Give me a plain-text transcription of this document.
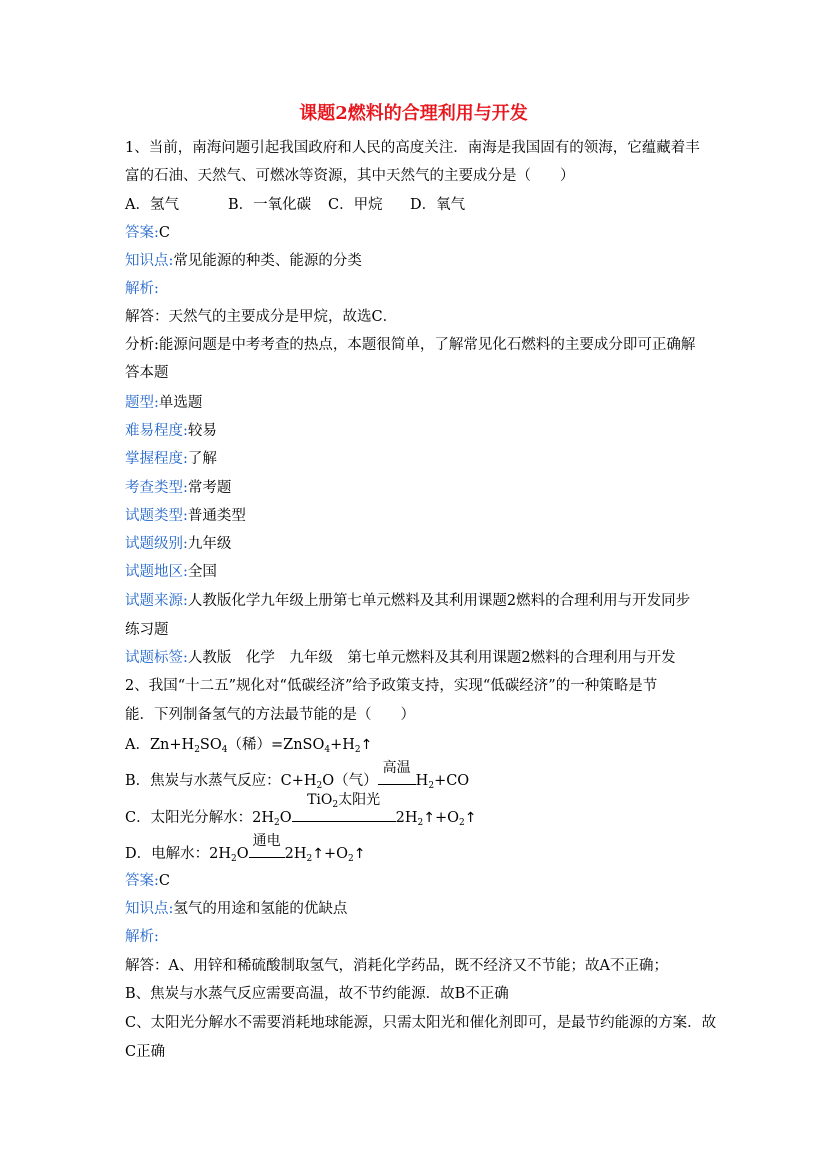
课题2燃料的合理利用与开发
1、当前，南海问题引起我国政府和人民的高度关注．南海是我国固有的领海，它蕴藏着丰
富的石油、天然气、可燃冰等资源，其中天然气的主要成分是（　　）
A．氢气	B．一氧化碳 C．甲烷 D．氧气
答案:C
知识点:常见能源的种类、能源的分类
解析:
解答：天然气的主要成分是甲烷，故选C．
分析:能源问题是中考考查的热点，本题很简单，了解常见化石燃料的主要成分即可正确解
答本题
题型:单选题
难易程度:较易
掌握程度:了解
考查类型:常考题
试题类型:普通类型
试题级别:九年级
试题地区:全国
试题来源:人教版化学九年级上册第七单元燃料及其利用课题2燃料的合理利用与开发同步
练习题
试题标签:人教版　化学　九年级　第七单元燃料及其利用课题2燃料的合理利用与开发
2、我国“十二五”规化对“低碳经济”给予政策支持，实现“低碳经济”的一种策略是节
能．下列制备氢气的方法最节能的是（　　）
A．$Zn+H_2SO_4$（稀）$=ZnSO_4+H_2↑$
B．焦炭与水蒸气反应：$C+H_2O$（气）
高温
$H_2+CO$
C．太阳光分解水：$2H_2O$
TiO$_2$太阳光
$2H_2↑+O_2↑$
D．电解水：$2H_2O$
通电
$2H_2↑+O_2↑$
答案:C
知识点:氢气的用途和氢能的优缺点
解析:
解答：A、用锌和稀硫酸制取氢气，消耗化学药品，既不经济又不节能；故A不正确；
B、焦炭与水蒸气反应需要高温，故不节约能源．故B不正确
C、太阳光分解水不需要消耗地球能源，只需太阳光和催化剂即可，是最节约能源的方案．故
C正确
